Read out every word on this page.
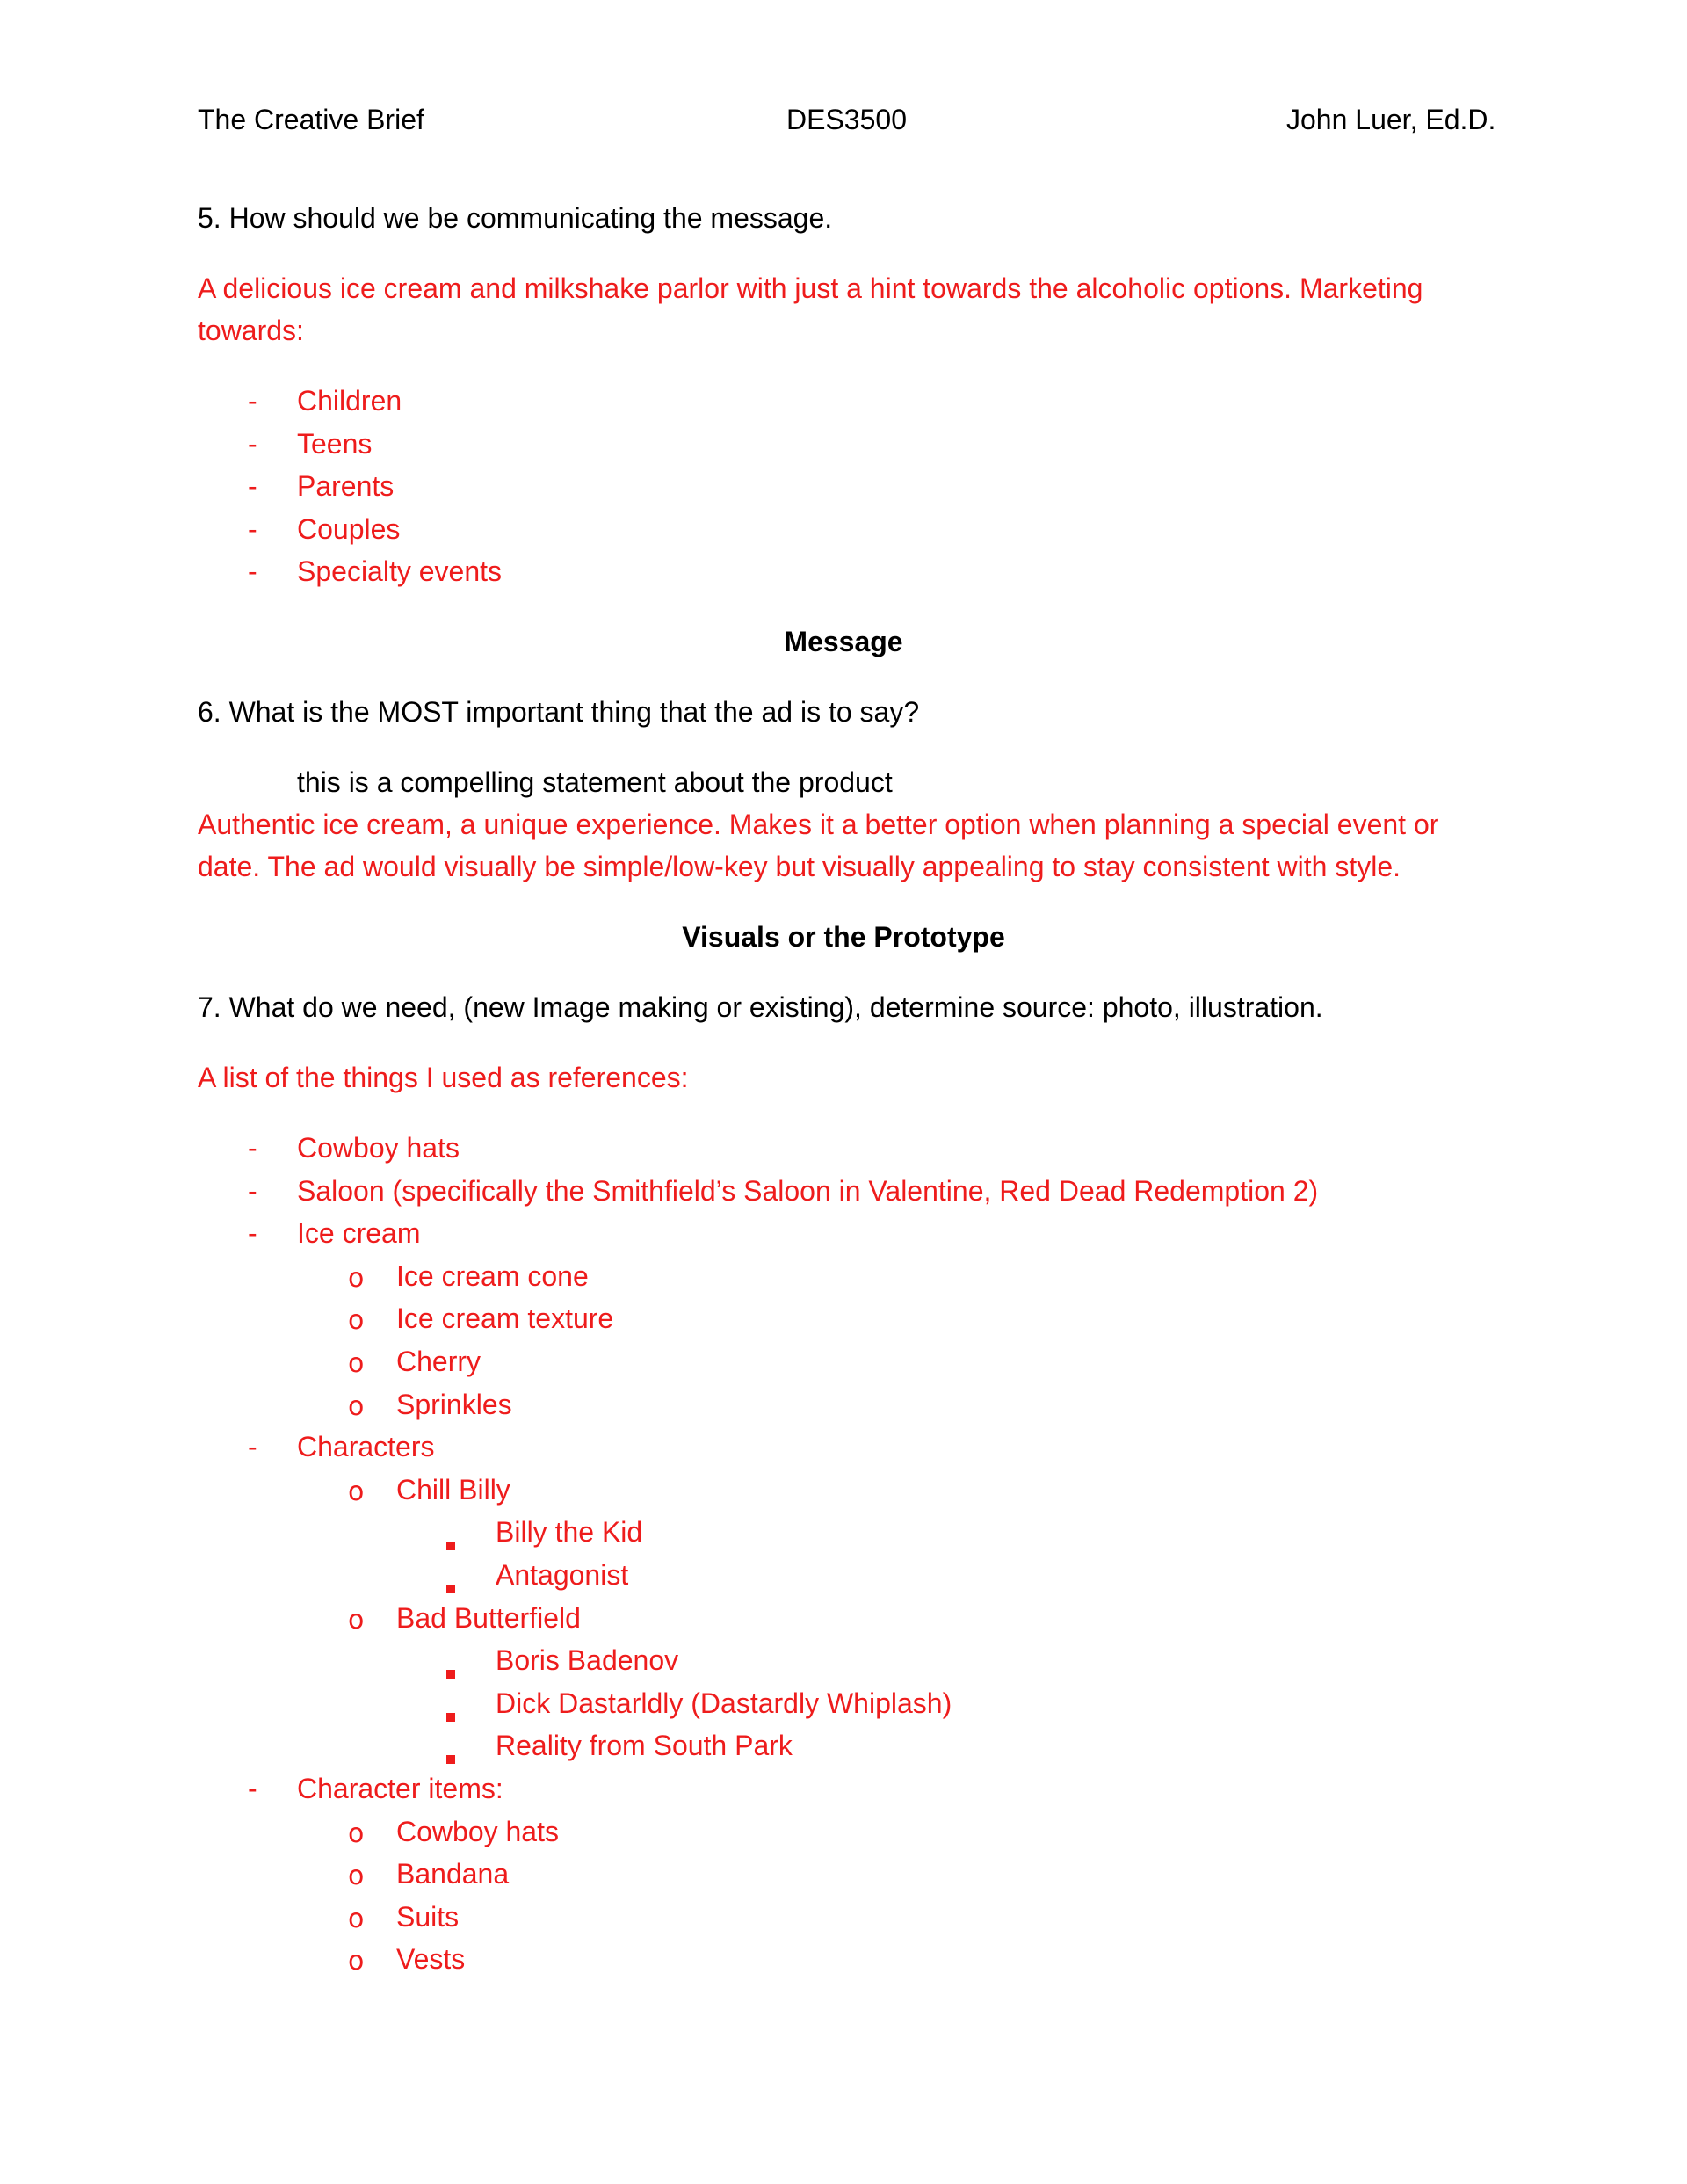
The Creative Brief	DES3500	John Luer, Ed.D.
5. How should we be communicating the message.
A delicious ice cream and milkshake parlor with just a hint towards the alcoholic options. Marketing
towards:
- Children
- Teens
- Parents
- Couples
- Specialty events
Message
6. What is the MOST important thing that the ad is to say?
this is a compelling statement about the product
Authentic ice cream, a unique experience. Makes it a better option when planning a special event or
date. The ad would visually be simple/low-key but visually appealing to stay consistent with style.
Visuals or the Prototype
7. What do we need, (new Image making or existing), determine source: photo, illustration.
A list of the things I used as references:
- Cowboy hats
- Saloon (specifically the Smithfield’s Saloon in Valentine, Red Dead Redemption 2)
- Ice cream
o Ice cream cone
o Ice cream texture
o Cherry
o Sprinkles
- Characters
o Chill Billy
Billy the Kid
Antagonist
o Bad Butterfield
Boris Badenov
Dick Dastarldly (Dastardly Whiplash)
Reality from South Park
- Character items:
o Cowboy hats
o Bandana
o Suits
o Vests
